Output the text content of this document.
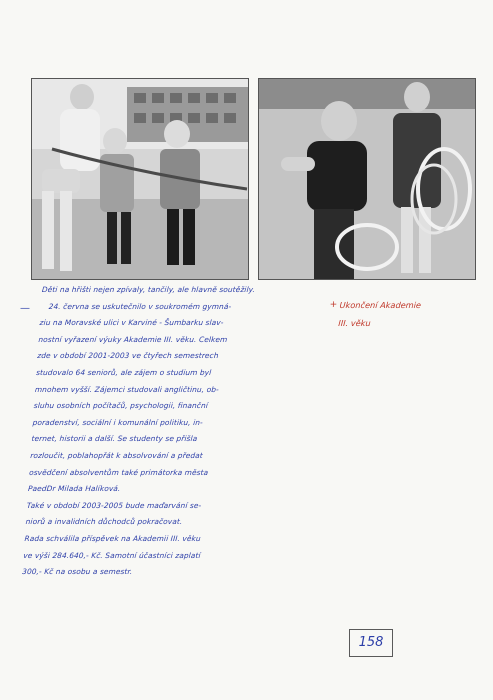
—
Děti na hřišti nejen zpívaly, tančily, ale hlavně soutěžily.
24. června se uskutečnilo v soukromém gymná-
ziu na Moravské ulici v Karviné - Šumbarku slav-
nostní vyřazení výuky Akademie III. věku. Celkem
zde v období 2001-2003 ve čtyřech semestrech
studovalo 64 seniorů, ale zájem o studium byl
mnohem vyšší. Zájemci studovali angličtinu, ob-
sluhu osobních počítačů, psychologii, finanční
poradenství, sociální i komunální politiku, in-
ternet, historii a další. Se studenty se přišla
rozloučit, poblahopřát k absolvování a předat
osvědčení absolventům také primátorka města
PaedDr Milada Halíková.
Také v období 2003-2005 bude maďarvání se-
niorů a invalidních důchodců pokračovat.
Rada schválila příspěvek na Akademii III. věku
ve výši 284.640,- Kč. Samotní účastníci zaplatí
300,- Kč na osobu a semestr.
+ Ukončení Akademie
III. věku
158
